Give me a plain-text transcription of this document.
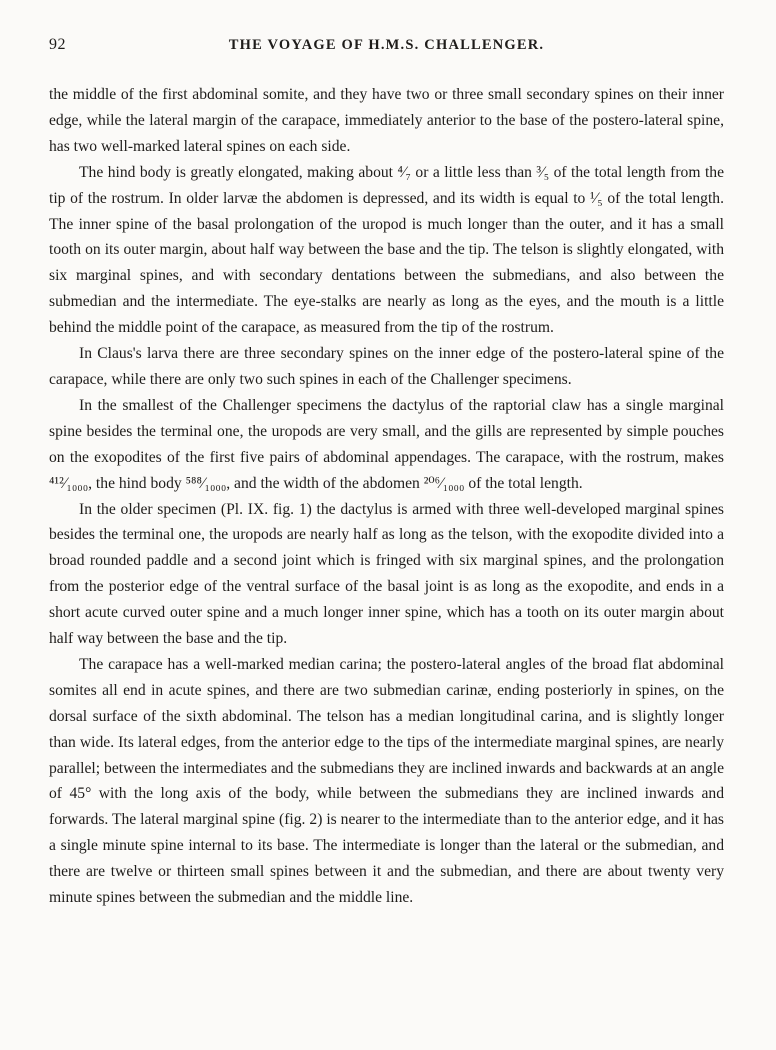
92	THE VOYAGE OF H.M.S. CHALLENGER.

the middle of the first abdominal somite, and they have two or three small secondary spines on their inner edge, while the lateral margin of the carapace, immediately anterior to the base of the postero-lateral spine, has two well-marked lateral spines on each side.

The hind body is greatly elongated, making about ⁴⁄₇ or a little less than ³⁄₅ of the total length from the tip of the rostrum. In older larvæ the abdomen is depressed, and its width is equal to ¹⁄₅ of the total length. The inner spine of the basal prolongation of the uropod is much longer than the outer, and it has a small tooth on its outer margin, about half way between the base and the tip. The telson is slightly elongated, with six marginal spines, and with secondary dentations between the submedians, and also between the submedian and the intermediate. The eye-stalks are nearly as long as the eyes, and the mouth is a little behind the middle point of the carapace, as measured from the tip of the rostrum.

In Claus's larva there are three secondary spines on the inner edge of the postero-lateral spine of the carapace, while there are only two such spines in each of the Challenger specimens.

In the smallest of the Challenger specimens the dactylus of the raptorial claw has a single marginal spine besides the terminal one, the uropods are very small, and the gills are represented by simple pouches on the exopodites of the first five pairs of abdominal appendages. The carapace, with the rostrum, makes ⁴¹²⁄₁₀₀₀, the hind body ⁵⁸⁸⁄₁₀₀₀, and the width of the abdomen ²⁰⁶⁄₁₀₀₀ of the total length.

In the older specimen (Pl. IX. fig. 1) the dactylus is armed with three well-developed marginal spines besides the terminal one, the uropods are nearly half as long as the telson, with the exopodite divided into a broad rounded paddle and a second joint which is fringed with six marginal spines, and the prolongation from the posterior edge of the ventral surface of the basal joint is as long as the exopodite, and ends in a short acute curved outer spine and a much longer inner spine, which has a tooth on its outer margin about half way between the base and the tip.

The carapace has a well-marked median carina; the postero-lateral angles of the broad flat abdominal somites all end in acute spines, and there are two submedian carinæ, ending posteriorly in spines, on the dorsal surface of the sixth abdominal. The telson has a median longitudinal carina, and is slightly longer than wide. Its lateral edges, from the anterior edge to the tips of the intermediate marginal spines, are nearly parallel; between the intermediates and the submedians they are inclined inwards and backwards at an angle of 45° with the long axis of the body, while between the submedians they are inclined inwards and forwards. The lateral marginal spine (fig. 2) is nearer to the intermediate than to the anterior edge, and it has a single minute spine internal to its base. The intermediate is longer than the lateral or the submedian, and there are twelve or thirteen small spines between it and the submedian, and there are about twenty very minute spines between the submedian and the middle line.
